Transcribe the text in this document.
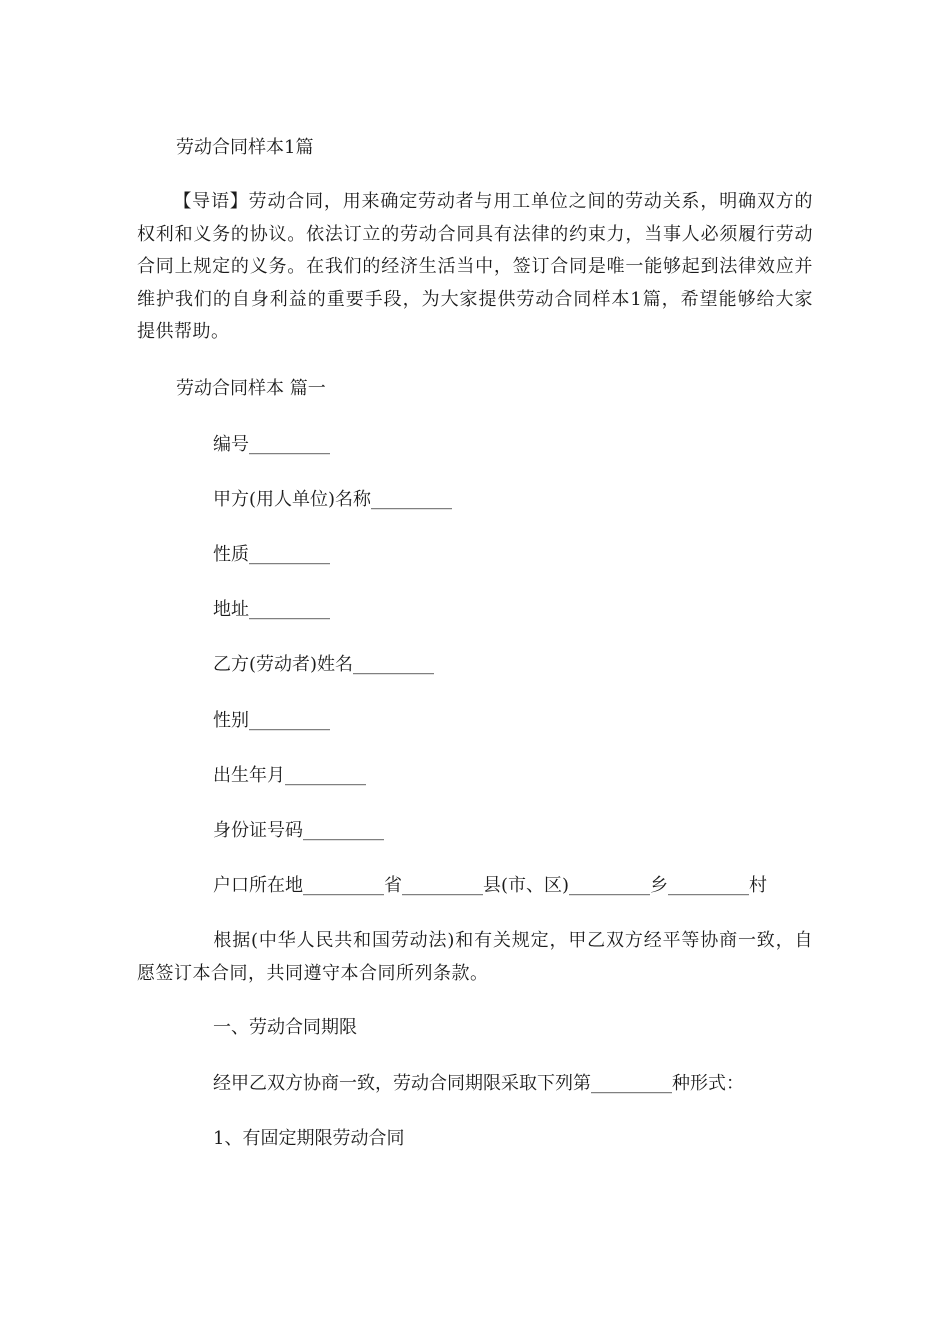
劳动合同样本1篇
【导语】劳动合同，用来确定劳动者与用工单位之间的劳动关系，明确双方的权利和义务的协议。依法订立的劳动合同具有法律的约束力，当事人必须履行劳动合同上规定的义务。在我们的经济生活当中，签订合同是唯一能够起到法律效应并维护我们的自身利益的重要手段，为大家提供劳动合同样本1篇，希望能够给大家提供帮助。
劳动合同样本 篇一
编号_________
甲方(用人单位)名称_________
性质_________
地址_________
乙方(劳动者)姓名_________
性别_________
出生年月_________
身份证号码_________
户口所在地_________省_________县(市、区)_________乡_________村
根据(中华人民共和国劳动法)和有关规定，甲乙双方经平等协商一致，自愿签订本合同，共同遵守本合同所列条款。
一、劳动合同期限
经甲乙双方协商一致，劳动合同期限采取下列第_________种形式：
1、有固定期限劳动合同
